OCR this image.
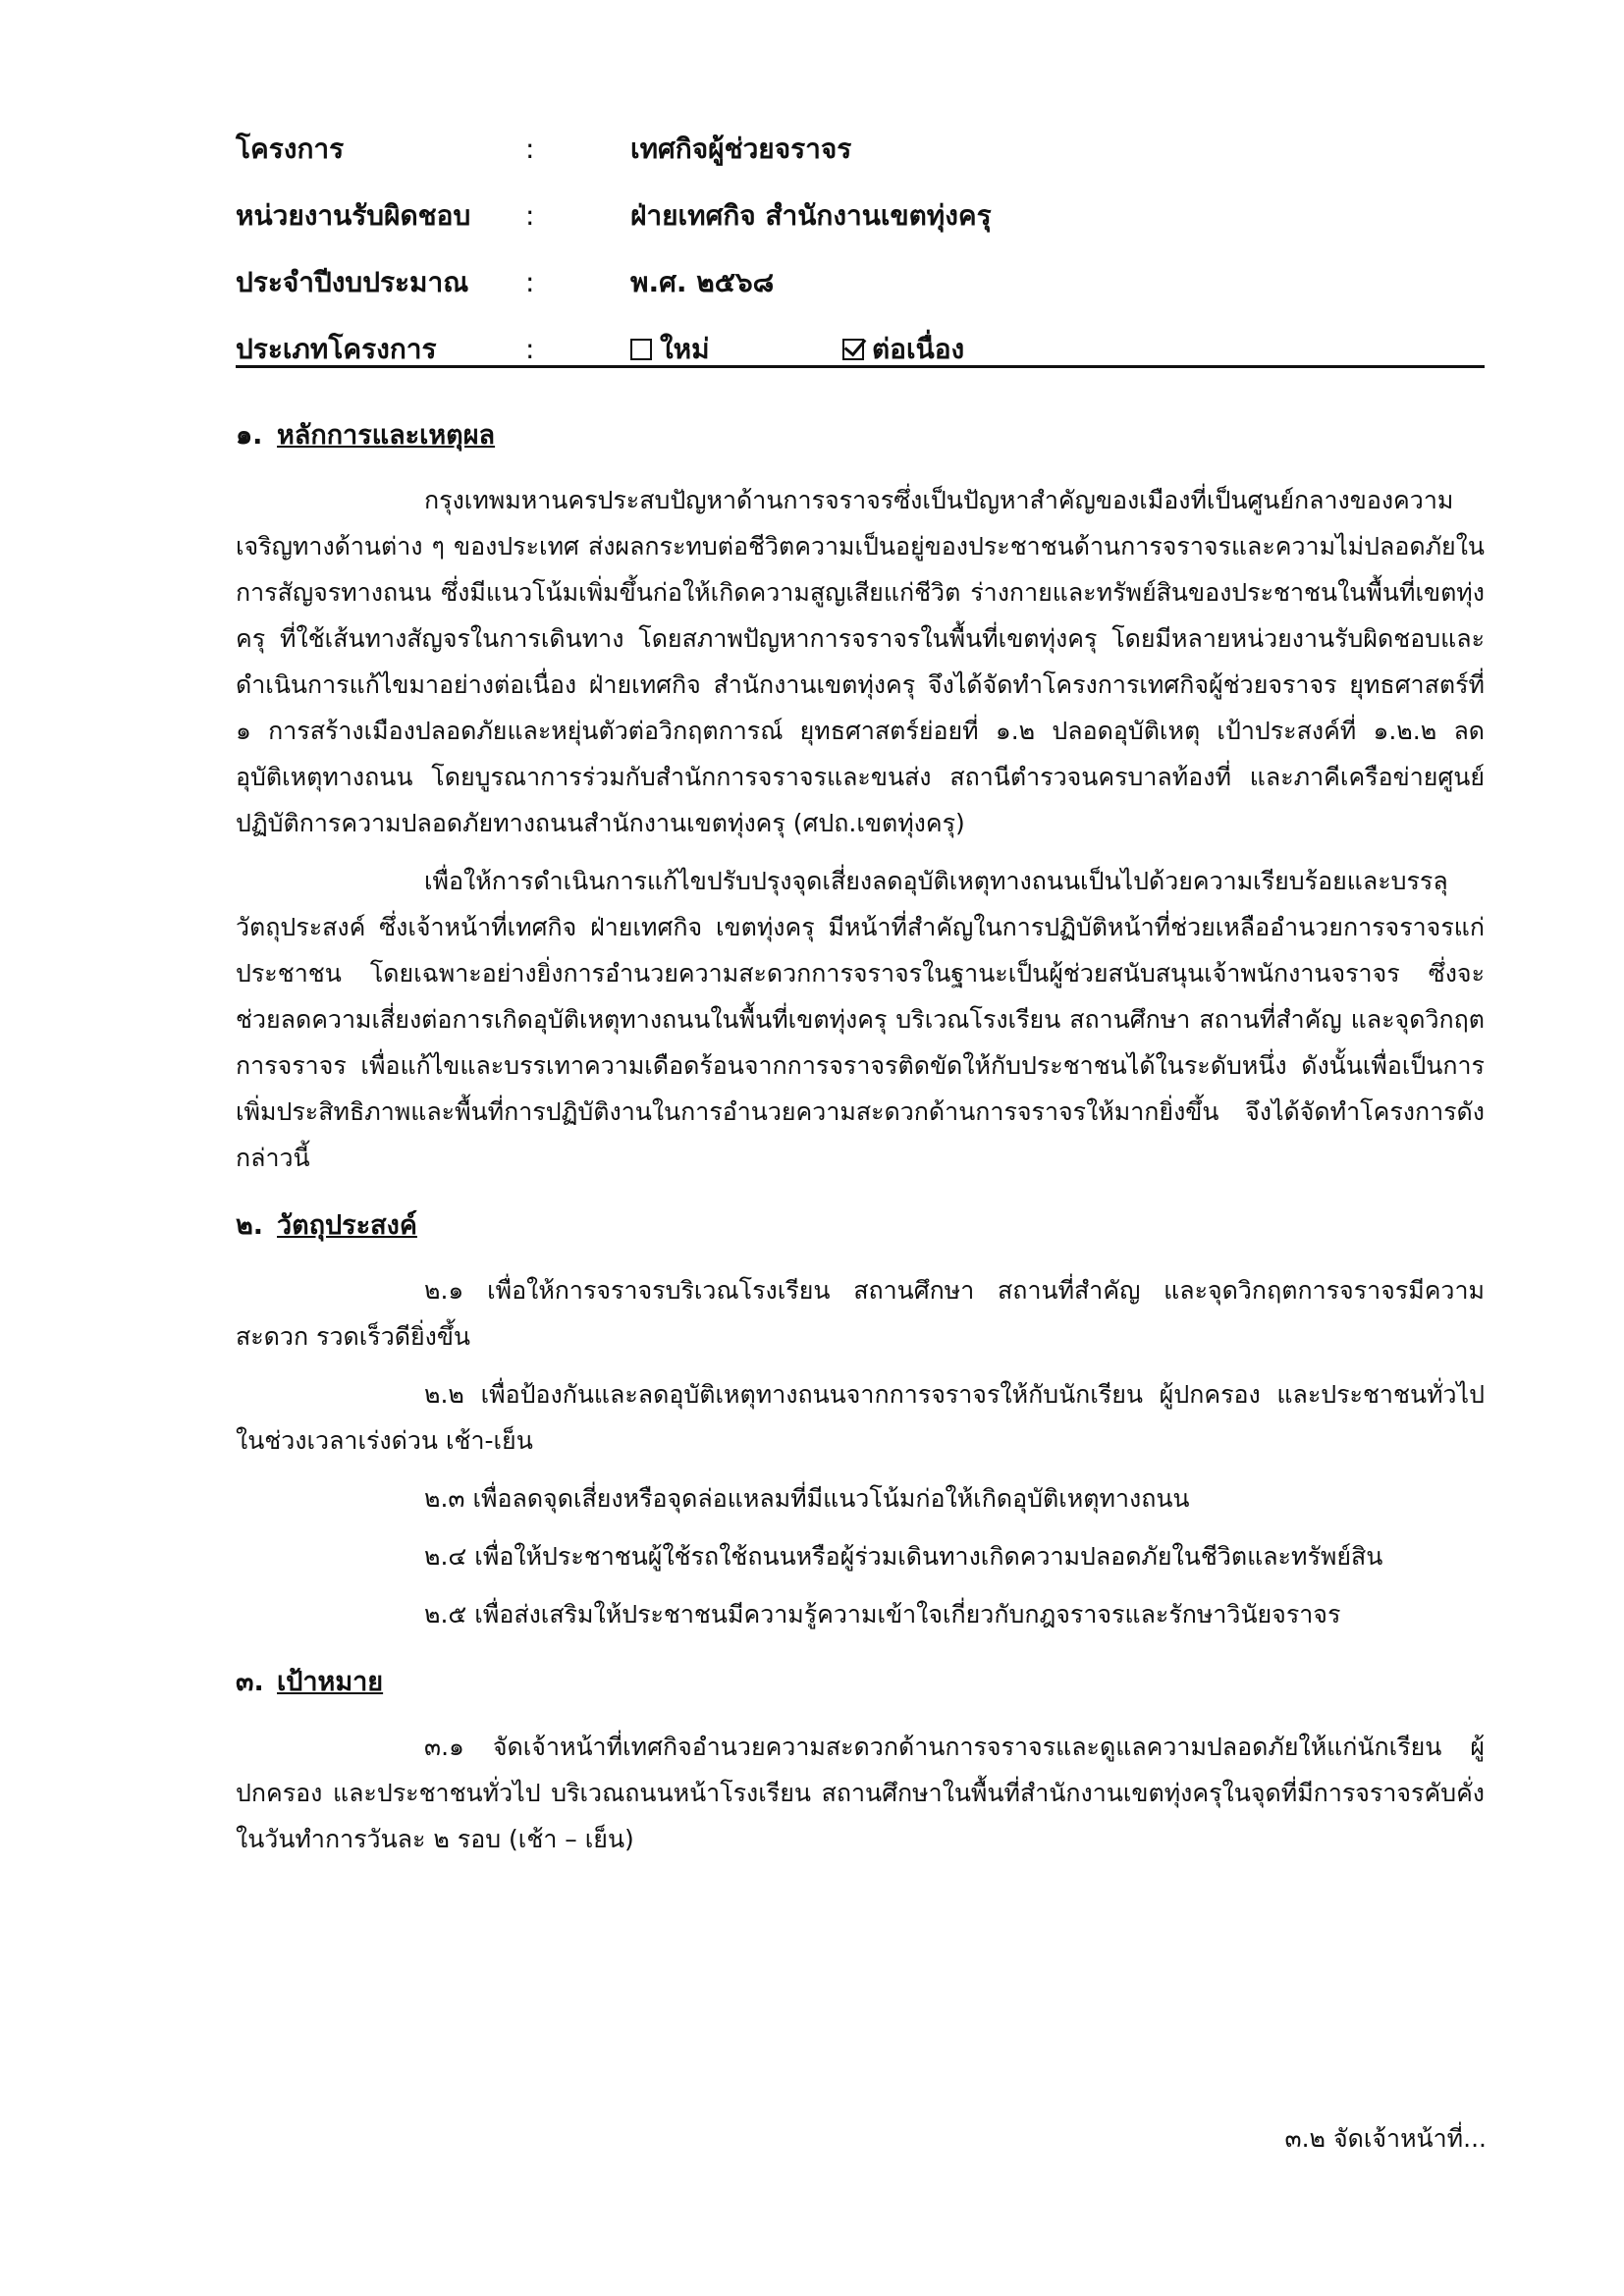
โครงการ	:	เทศกิจผู้ช่วยจราจร
หน่วยงานรับผิดชอบ :	ฝ่ายเทศกิจ สำนักงานเขตทุ่งครุ
ประจำปีงบประมาณ :	พ.ศ. ๒๕๖๘
ประเภทโครงการ	:	ใหม่	ต่อเนื่อง
๑. หลักการและเหตุผล

กรุงเทพมหานครประสบปัญหาด้านการจราจรซึ่งเป็นปัญหาสำคัญของเมืองที่เป็นศูนย์กลางของความเจริญทางด้านต่าง ๆ ของประเทศ ส่งผลกระทบต่อชีวิตความเป็นอยู่ของประชาชนด้านการจราจรและความไม่ปลอดภัยในการสัญจรทางถนน ซึ่งมีแนวโน้มเพิ่มขึ้นก่อให้เกิดความสูญเสียแก่ชีวิต ร่างกายและทรัพย์สินของประชาชนในพื้นที่เขตทุ่งครุ ที่ใช้เส้นทางสัญจรในการเดินทาง โดยสภาพปัญหาการจราจรในพื้นที่เขตทุ่งครุ โดยมีหลายหน่วยงานรับผิดชอบและดำเนินการแก้ไขมาอย่างต่อเนื่อง ฝ่ายเทศกิจ สำนักงานเขตทุ่งครุ จึงได้จัดทำโครงการเทศกิจผู้ช่วยจราจร ยุทธศาสตร์ที่ ๑ การสร้างเมืองปลอดภัยและหยุ่นตัวต่อวิกฤตการณ์ ยุทธศาสตร์ย่อยที่ ๑.๒ ปลอดอุบัติเหตุ เป้าประสงค์ที่ ๑.๒.๒ ลดอุบัติเหตุทางถนน โดยบูรณาการร่วมกับสำนักการจราจรและขนส่ง สถานีตำรวจนครบาลท้องที่ และภาคีเครือข่ายศูนย์ปฏิบัติการความปลอดภัยทางถนนสำนักงานเขตทุ่งครุ (ศปถ.เขตทุ่งครุ)

เพื่อให้การดำเนินการแก้ไขปรับปรุงจุดเสี่ยงลดอุบัติเหตุทางถนนเป็นไปด้วยความเรียบร้อยและบรรลุวัตถุประสงค์ ซึ่งเจ้าหน้าที่เทศกิจ ฝ่ายเทศกิจ เขตทุ่งครุ มีหน้าที่สำคัญในการปฏิบัติหน้าที่ช่วยเหลืออำนวยการจราจรแก่ประชาชน โดยเฉพาะอย่างยิ่งการอำนวยความสะดวกการจราจรในฐานะเป็นผู้ช่วยสนับสนุนเจ้าพนักงานจราจร ซึ่งจะช่วยลดความเสี่ยงต่อการเกิดอุบัติเหตุทางถนนในพื้นที่เขตทุ่งครุ บริเวณโรงเรียน สถานศึกษา สถานที่สำคัญ และจุดวิกฤตการจราจร เพื่อแก้ไขและบรรเทาความเดือดร้อนจากการจราจรติดขัดให้กับประชาชนได้ในระดับหนึ่ง ดังนั้นเพื่อเป็นการเพิ่มประสิทธิภาพและพื้นที่การปฏิบัติงานในการอำนวยความสะดวกด้านการจราจรให้มากยิ่งขึ้น จึงได้จัดทำโครงการดังกล่าวนี้

๒. วัตถุประสงค์

๒.๑ เพื่อให้การจราจรบริเวณโรงเรียน สถานศึกษา สถานที่สำคัญ และจุดวิกฤตการจราจรมีความสะดวก รวดเร็วดียิ่งขึ้น

๒.๒ เพื่อป้องกันและลดอุบัติเหตุทางถนนจากการจราจรให้กับนักเรียน ผู้ปกครอง และประชาชนทั่วไปในช่วงเวลาเร่งด่วน เช้า-เย็น

๒.๓ เพื่อลดจุดเสี่ยงหรือจุดล่อแหลมที่มีแนวโน้มก่อให้เกิดอุบัติเหตุทางถนน

๒.๔ เพื่อให้ประชาชนผู้ใช้รถใช้ถนนหรือผู้ร่วมเดินทางเกิดความปลอดภัยในชีวิตและทรัพย์สิน

๒.๕ เพื่อส่งเสริมให้ประชาชนมีความรู้ความเข้าใจเกี่ยวกับกฎจราจรและรักษาวินัยจราจร

๓. เป้าหมาย

๓.๑ จัดเจ้าหน้าที่เทศกิจอำนวยความสะดวกด้านการจราจรและดูแลความปลอดภัยให้แก่นักเรียน ผู้ปกครอง และประชาชนทั่วไป บริเวณถนนหน้าโรงเรียน สถานศึกษาในพื้นที่สำนักงานเขตทุ่งครุในจุดที่มีการจราจรคับคั่งในวันทำการวันละ ๒ รอบ (เช้า – เย็น)

๓.๒ จัดเจ้าหน้าที่...
